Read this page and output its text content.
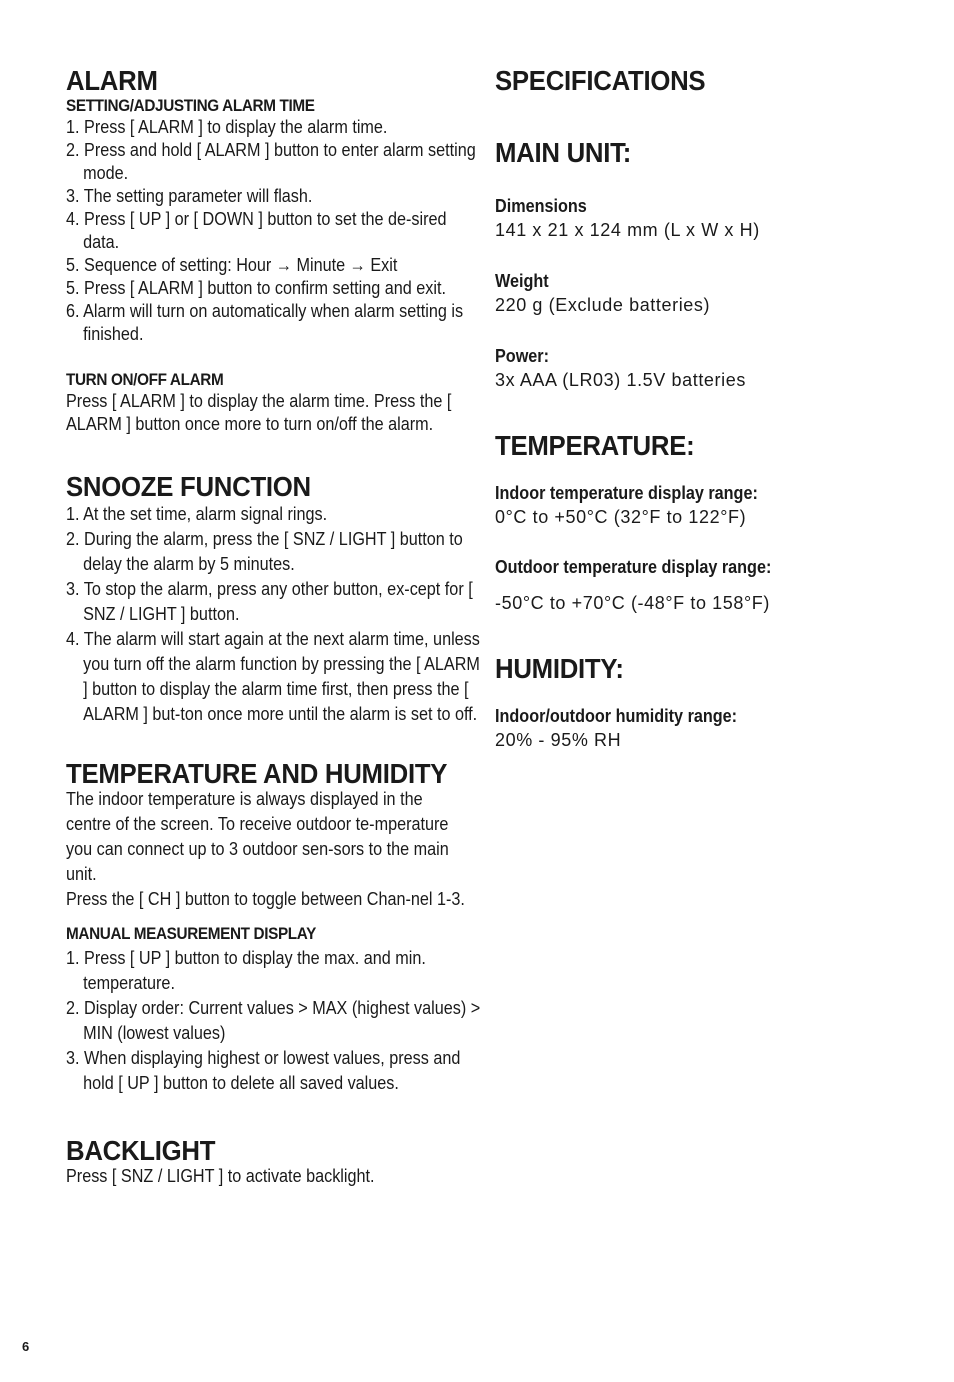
ALARM
SETTING/ADJUSTING ALARM TIME
1. Press [ ALARM ] to display the alarm time.
2. Press and hold [ ALARM ] button to enter alarm setting mode.
3. The setting parameter will flash.
4. Press [ UP ] or [ DOWN ] button to set the de-sired data.
5. Sequence of setting: Hour → Minute → Exit
5. Press [ ALARM ] button to confirm setting and exit.
6. Alarm will turn on automatically when alarm setting is finished.
TURN ON/OFF ALARM

Press [ ALARM ] to display the alarm time. Press the [ ALARM ] button once more to turn on/off the alarm.

SNOOZE FUNCTION
1. At the set time, alarm signal rings.
2. During the alarm, press the [ SNZ / LIGHT ] button to delay the alarm by 5 minutes.
3. To stop the alarm, press any other button, ex-cept for [ SNZ / LIGHT ] button.
4. The alarm will start again at the next alarm time, unless you turn off the alarm function by pressing the [ ALARM ] button to display the alarm time first, then press the [ ALARM ] but-ton once more until the alarm is set to off.
TEMPERATURE AND HUMIDITY

The indoor temperature is always displayed in the centre of the screen. To receive outdoor te-mperature you can connect up to 3 outdoor sen-sors to the main unit.

Press the [ CH ] button to toggle between Chan-nel 1-3.

MANUAL MEASUREMENT DISPLAY
1. Press [ UP ] button to display the max. and min. temperature.
2. Display order: Current values > MAX (highest values) > MIN (lowest values)
3. When displaying highest or lowest values, press and hold [ UP ] button to delete all saved values.
BACKLIGHT

Press [ SNZ / LIGHT ] to activate backlight.

SPECIFICATIONS
MAIN UNIT:
Dimensions
141 x 21 x 124 mm (L x W x H)
Weight
220 g (Exclude batteries)
Power:
3x AAA (LR03) 1.5V batteries
TEMPERATURE:
Indoor temperature display range:
0°C to +50°C (32°F to 122°F)
Outdoor temperature display range:
-50°C to +70°C (-48°F to 158°F)
HUMIDITY:
Indoor/outdoor humidity range:
20% - 95% RH
6
